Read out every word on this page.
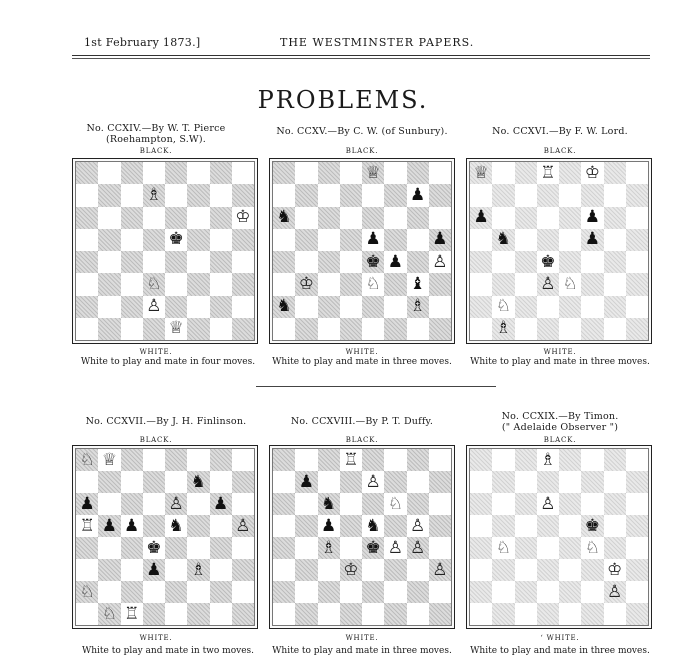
1st February 1873.]	THE WESTMINSTER PAPERS.
PROBLEMS.
No. CCXIV.—By W. T. Pierce
(Roehampton, S.W).
BLACK.
♗
♔
♚
♘
♙
♕
WHITE.
White to play and mate in four moves.
No. CCXV.—By C. W. (of Sunbury).
BLACK.
♕
♟
♞
♟	♟
♚ ♟ ♙
♔	♘ ♝
♞	♗
WHITE.
White to play and mate in three moves.
No. CCXVI.—By F. W. Lord.
BLACK.
♕	♖ ♔
♟	♟
♞	♟
♚
♙ ♘
♘
♗
WHITE.
White to play and mate in three moves.
No. CCXVII.—By J. H. Finlinson.
BLACK.
♘ ♕
♞
♟	♙ ♟
♖ ♟ ♟ ♞	♙
♚
♟ ♗
♘
♘ ♖
WHITE.
White to play and mate in two moves.
No. CCXVIII.—By P. T. Duffy.
BLACK.
♖
♟	♙
♞	♘
♟ ♞ ♙
♗ ♚ ♙ ♙
♔	♙
WHITE.
White to play and mate in three moves.
No. CCXIX.—By Timon.
(" Adelaide Observer ")
BLACK.
♗
♙
♚
♘	♘
♔
♙
‘ WHITE.
White to play and mate in three moves.
